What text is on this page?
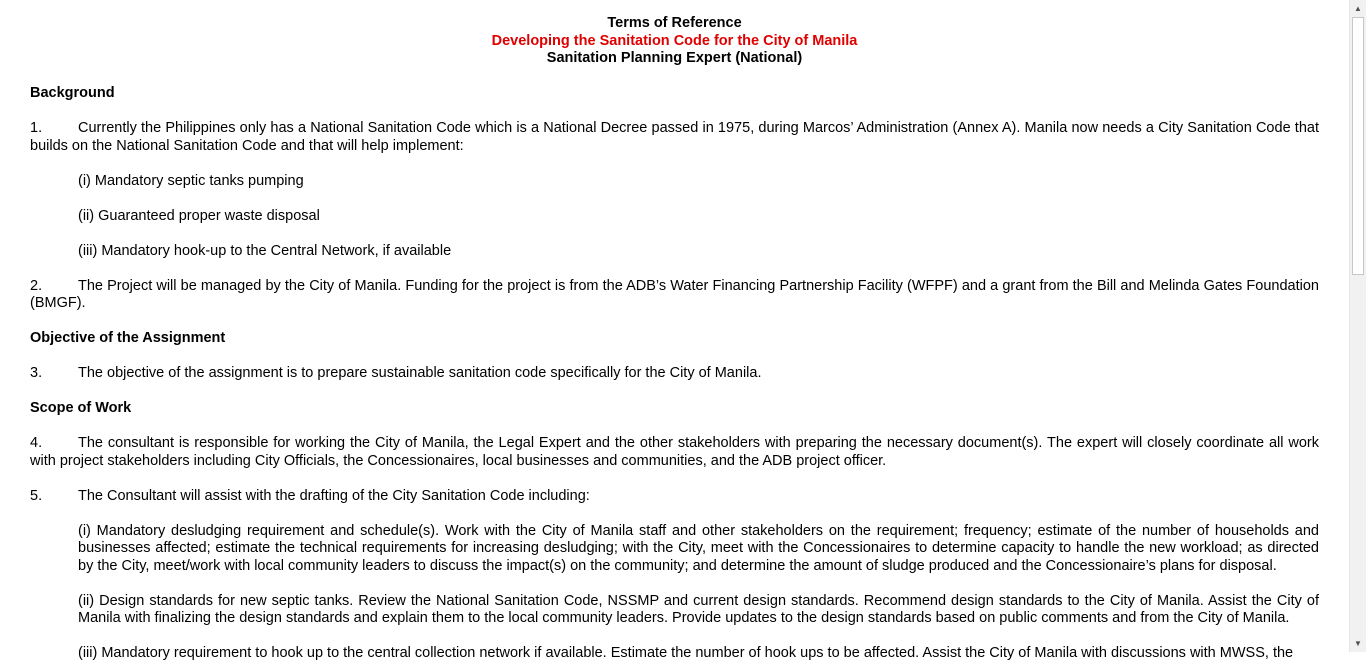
Terms of Reference

Developing the Sanitation Code for the City of Manila

Sanitation Planning Expert (National)

Background

1. Currently the Philippines only has a National Sanitation Code which is a National Decree passed in 1975, during Marcos’ Administration (Annex A). Manila now needs a City Sanitation Code that builds on the National Sanitation Code and that will help implement:

(i) Mandatory septic tanks pumping

(ii) Guaranteed proper waste disposal

(iii) Mandatory hook-up to the Central Network, if available

2. The Project will be managed by the City of Manila. Funding for the project is from the ADB’s Water Financing Partnership Facility (WFPF) and a grant from the Bill and Melinda Gates Foundation (BMGF).

Objective of the Assignment

3. The objective of the assignment is to prepare sustainable sanitation code specifically for the City of Manila.

Scope of Work

4. The consultant is responsible for working the City of Manila, the Legal Expert and the other stakeholders with preparing the necessary document(s). The expert will closely coordinate all work with project stakeholders including City Officials, the Concessionaires, local businesses and communities, and the ADB project officer.

5. The Consultant will assist with the drafting of the City Sanitation Code including:

(i) Mandatory desludging requirement and schedule(s). Work with the City of Manila staff and other stakeholders on the requirement; frequency; estimate of the number of households and businesses affected; estimate the technical requirements for increasing desludging; with the City, meet with the Concessionaires to determine capacity to handle the new workload; as directed by the City, meet/work with local community leaders to discuss the impact(s) on the community; and determine the amount of sludge produced and the Concessionaire’s plans for disposal.

(ii) Design standards for new septic tanks. Review the National Sanitation Code, NSSMP and current design standards. Recommend design standards to the City of Manila. Assist the City of Manila with finalizing the design standards and explain them to the local community leaders. Provide updates to the design standards based on public comments and from the City of Manila.

(iii) Mandatory requirement to hook up to the central collection network if available. Estimate the number of hook ups to be affected. Assist the City of Manila with discussions with MWSS, the

▲
▼
